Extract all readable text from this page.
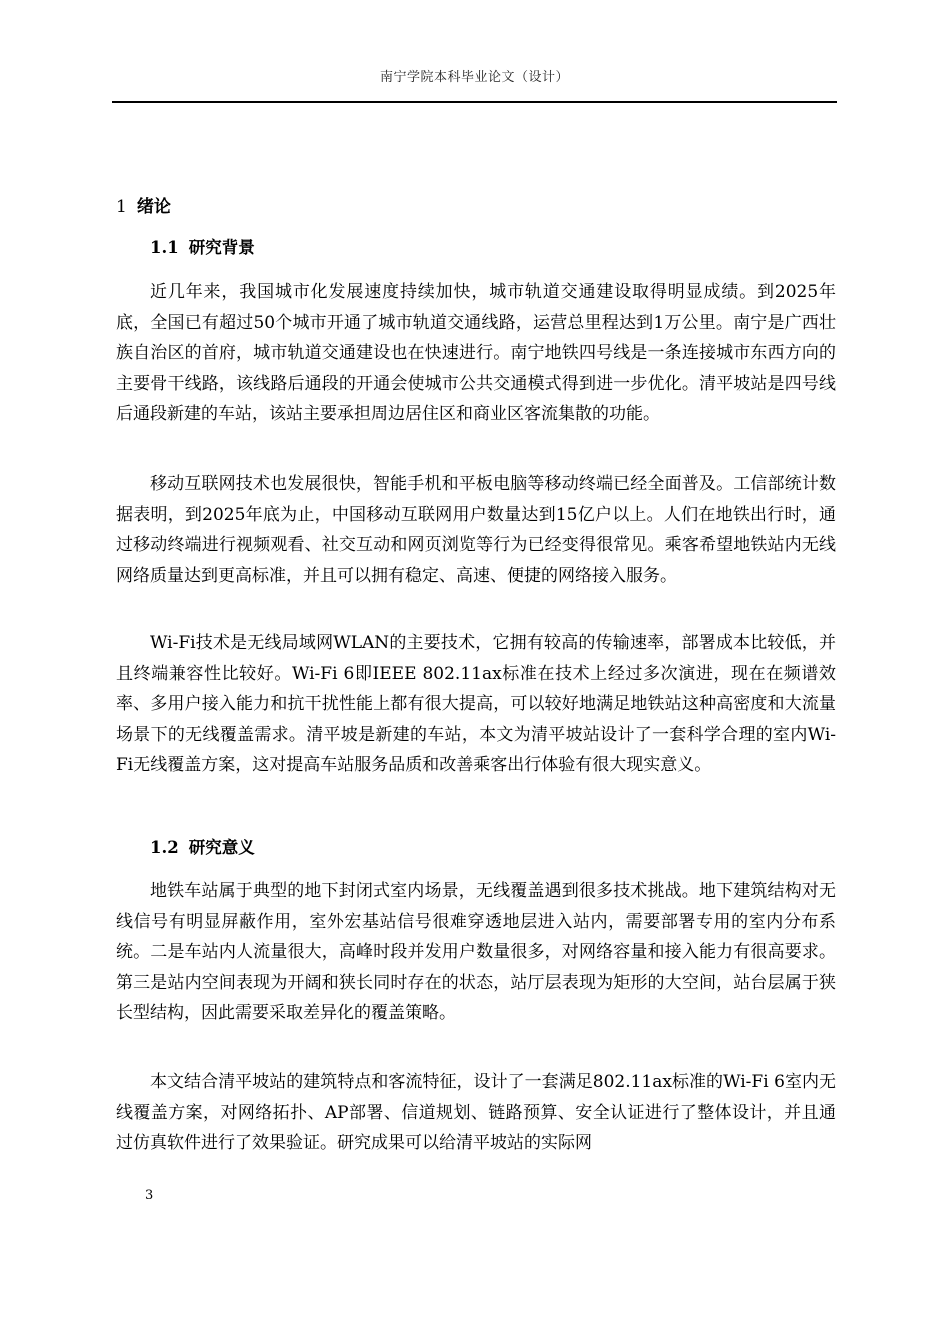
南宁学院本科毕业论文（设计）
1 绪论
1.1 研究背景

近几年来，我国城市化发展速度持续加快，城市轨道交通建设取得明显成绩。到2025年底，全国已有超过50个城市开通了城市轨道交通线路，运营总里程达到1万公里。南宁是广西壮族自治区的首府，城市轨道交通建设也在快速进行。南宁地铁四号线是一条连接城市东西方向的主要骨干线路，该线路后通段的开通会使城市公共交通模式得到进一步优化。清平坡站是四号线后通段新建的车站，该站主要承担周边居住区和商业区客流集散的功能。

移动互联网技术也发展很快，智能手机和平板电脑等移动终端已经全面普及。工信部统计数据表明，到2025年底为止，中国移动互联网用户数量达到15亿户以上。人们在地铁出行时，通过移动终端进行视频观看、社交互动和网页浏览等行为已经变得很常见。乘客希望地铁站内无线网络质量达到更高标准，并且可以拥有稳定、高速、便捷的网络接入服务。

Wi-Fi技术是无线局域网WLAN的主要技术，它拥有较高的传输速率，部署成本比较低，并且终端兼容性比较好。Wi-Fi 6即IEEE 802.11ax标准在技术上经过多次演进，现在在频谱效率、多用户接入能力和抗干扰性能上都有很大提高，可以较好地满足地铁站这种高密度和大流量场景下的无线覆盖需求。清平坡是新建的车站，本文为清平坡站设计了一套科学合理的室内Wi-Fi无线覆盖方案，这对提高车站服务品质和改善乘客出行体验有很大现实意义。

1.2 研究意义

地铁车站属于典型的地下封闭式室内场景，无线覆盖遇到很多技术挑战。地下建筑结构对无线信号有明显屏蔽作用，室外宏基站信号很难穿透地层进入站内，需要部署专用的室内分布系统。二是车站内人流量很大，高峰时段并发用户数量很多，对网络容量和接入能力有很高要求。第三是站内空间表现为开阔和狭长同时存在的状态，站厅层表现为矩形的大空间，站台层属于狭长型结构，因此需要采取差异化的覆盖策略。

本文结合清平坡站的建筑特点和客流特征，设计了一套满足802.11ax标准的Wi-Fi 6室内无线覆盖方案，对网络拓扑、AP部署、信道规划、链路预算、安全认证进行了整体设计，并且通过仿真软件进行了效果验证。研究成果可以给清平坡站的实际网

3
